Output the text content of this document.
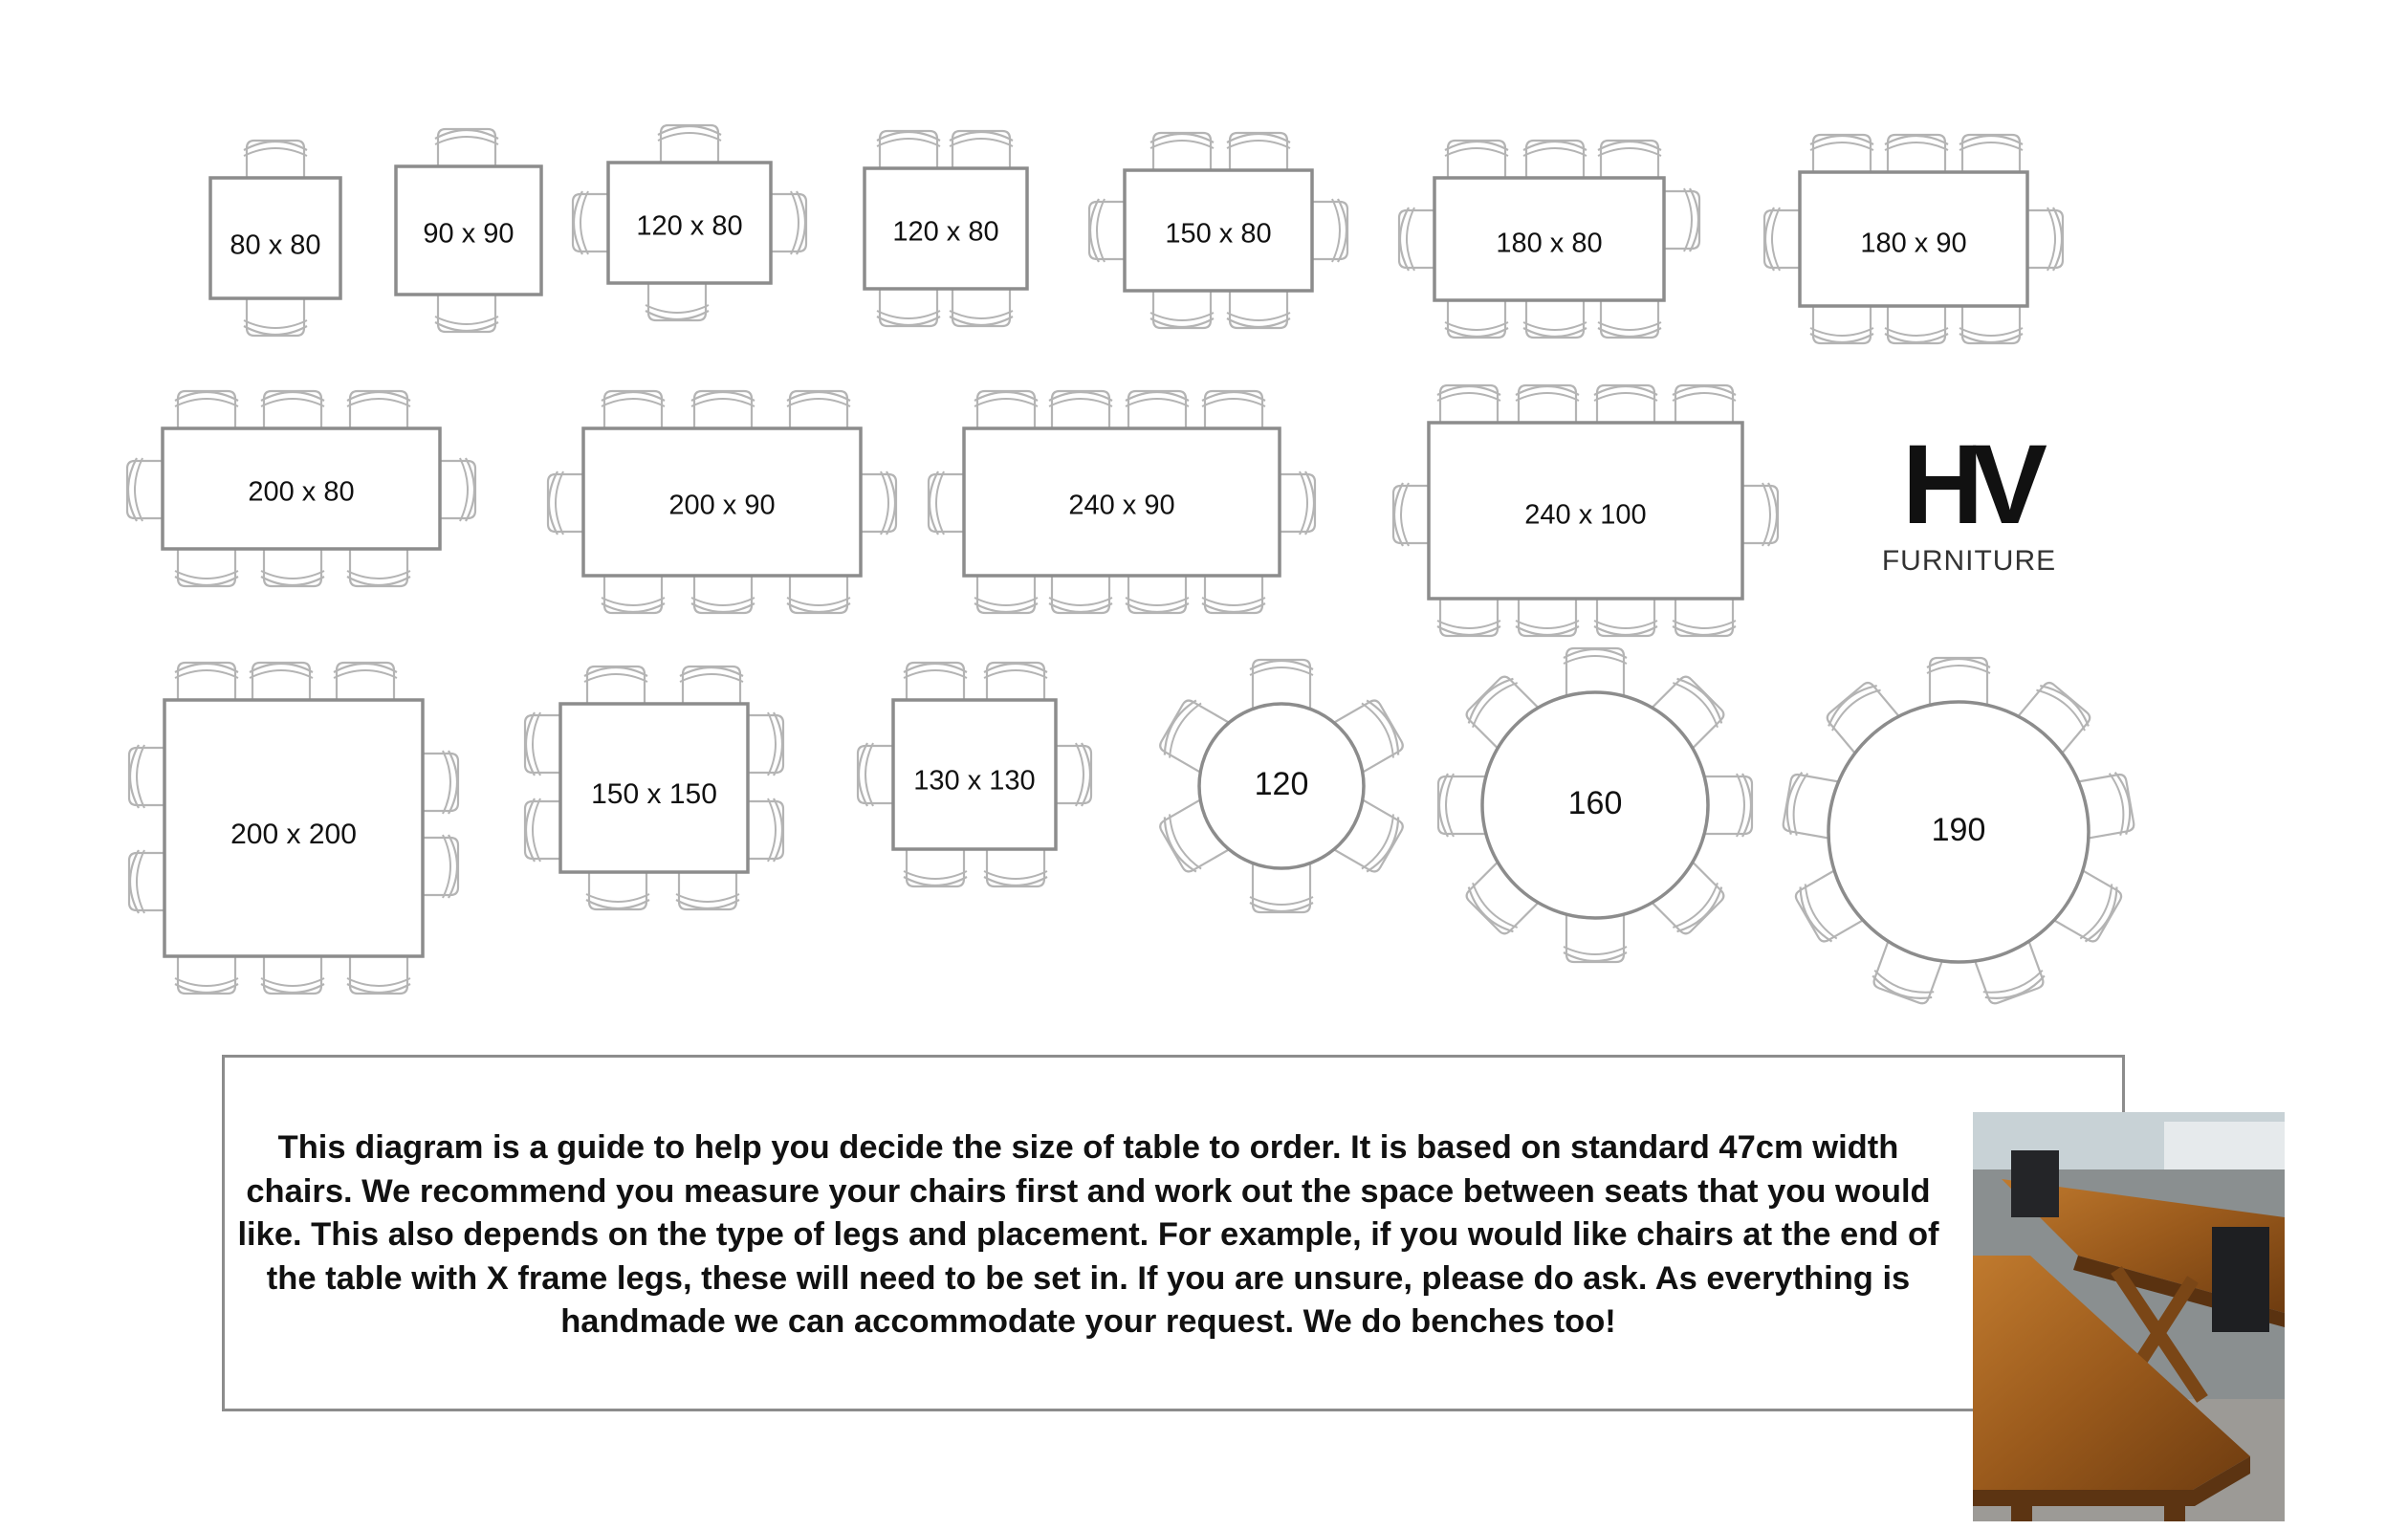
80 x 80	90 x 90	120 x 80	120 x 80	150 x 80	180 x 80	180 x 90
200 x 80	200 x 90	240 x 90	240 x 100
200 x 200
150 x 150	130 x 130	120
160
190

This diagram is a guide to help you decide the size of table to order. It is based on standard 47cm width chairs. We recommend you measure your chairs first and work out the space between seats that you would like. This also depends on the type of legs and placement. For example, if you would like chairs at the end of the table with X frame legs, these will need to be set in. If you are unsure, please do ask. As everything is handmade we can accommodate your request. We do benches too!

HV
FURNITURE
